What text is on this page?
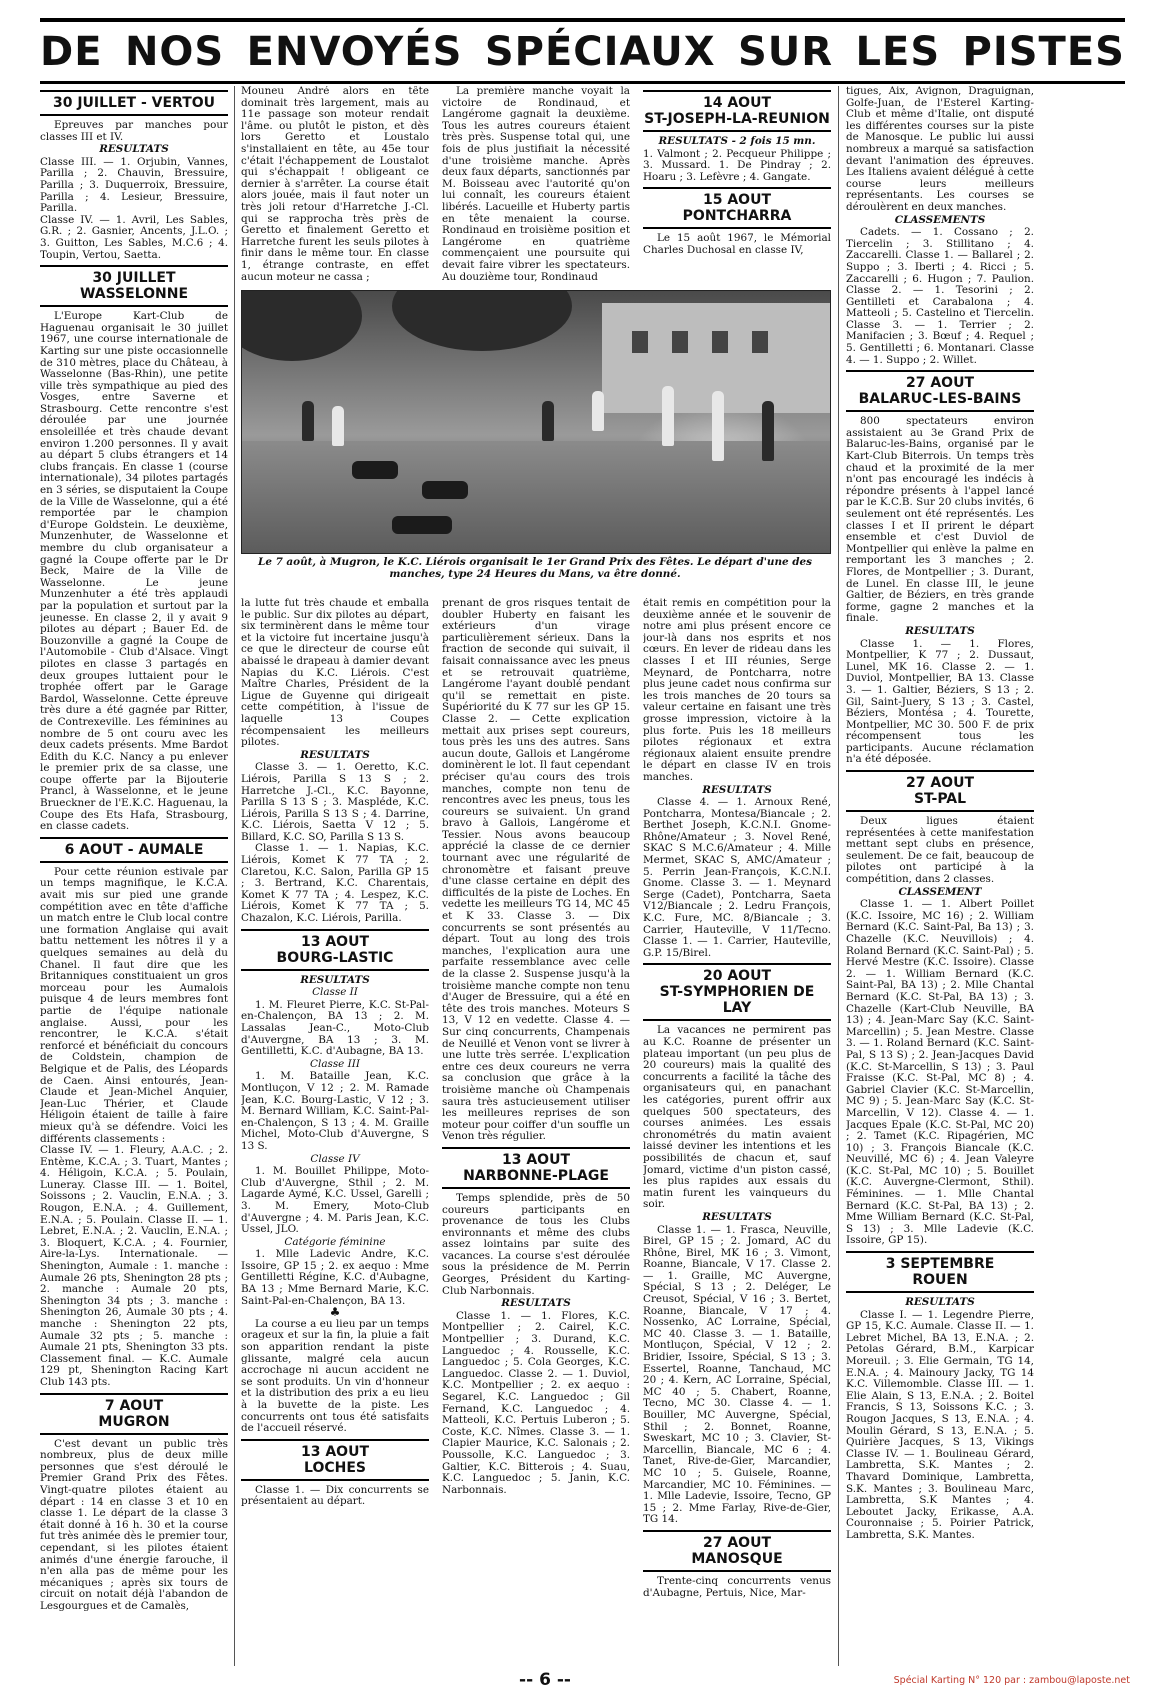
DE NOS ENVOYÉS SPÉCIAUX SUR LES PISTES
30 JUILLET - VERTOU

Epreuves par manches pour classes III et IV.

RESULTATS

Classe III. — 1. Orjubin, Vannes, Parilla ; 2. Chauvin, Bressuire, Parilla ; 3. Duquerroix, Bressuire, Parilla ; 4. Lesieur, Bressuire, Parilla.

Classe IV. — 1. Avril, Les Sables, G.R. ; 2. Gasnier, Ancents, J.L.O. ; 3. Guitton, Les Sables, M.C.6 ; 4. Toupin, Vertou, Saetta.

30 JUILLET
WASSELONNE

L'Europe Kart-Club de Haguenau organisait le 30 juillet 1967, une course internationale de Karting sur une piste occasionnelle de 310 mètres, place du Château, à Wasselonne (Bas-Rhin), une petite ville très sympathique au pied des Vosges, entre Saverne et Strasbourg. Cette rencontre s'est déroulée par une journée ensoleillée et très chaude devant environ 1.200 personnes. Il y avait au départ 5 clubs étrangers et 14 clubs français. En classe 1 (course internationale), 34 pilotes partagés en 3 séries, se disputaient la Coupe de la Ville de Wasselonne, qui a été remportée par le champion d'Europe Goldstein. Le deuxième, Munzenhuter, de Wasselonne et membre du club organisateur a gagné la Coupe offerte par le Dr Beck, Maire de la Ville de Wasselonne. Le jeune Munzenhuter a été très applaudi par la population et surtout par la jeunesse. En classe 2, il y avait 9 pilotes au départ ; Bauer Ed. de Bouzonville a gagné la Coupe de l'Automobile - Club d'Alsace. Vingt pilotes en classe 3 partagés en deux groupes luttaient pour le trophée offert par le Garage Bardol, Wasselonne. Cette épreuve très dure a été gagnée par Ritter, de Contrexeville. Les féminines au nombre de 5 ont couru avec les deux cadets présents. Mme Bardot Edith du K.C. Nancy a pu enlever le premier prix de sa classe, une coupe offerte par la Bijouterie Prancl, à Wasselonne, et le jeune Brueckner de l'E.K.C. Haguenau, la Coupe des Ets Hafa, Strasbourg, en classe cadets.

6 AOUT - AUMALE

Pour cette réunion estivale par un temps magnifique, le K.C.A. avait mis sur pied une grande compétition avec en tête d'affiche un match entre le Club local contre une formation Anglaise qui avait battu nettement les nôtres il y a quelques semaines au delà du Chanel. Il faut dire que les Britanniques constituaient un gros morceau pour les Aumalois puisque 4 de leurs membres font partie de l'équipe nationale anglaise. Aussi, pour les rencontrer, le K.C.A. s'était renforcé et bénéficiait du concours de Coldstein, champion de Belgique et de Palis, des Léopards de Caen. Ainsi entourés, Jean-Claude et Jean-Michel Anquier, Jean-Luc Thérier, et Claude Héligoin étaient de taille à faire mieux qu'à se défendre. Voici les différents classements :

Classe IV. — 1. Fleury, A.A.C. ; 2. Entème, K.C.A. ; 3. Tuart, Mantes ; 4. Héligoin, K.C.A. ; 5. Poulain, Luneray. Classe III. — 1. Boitel, Soissons ; 2. Vauclin, E.N.A. ; 3. Rougon, E.N.A. ; 4. Guillement, E.N.A. ; 5. Poulain. Classe II. — 1. Lebret, E.N.A. ; 2. Vauclin, E.N.A. ; 3. Bloquert, K.C.A. ; 4. Fournier, Aire-la-Lys. Internationale. — Shenington, Aumale : 1. manche : Aumale 26 pts, Shenington 28 pts ; 2. manche : Aumale 20 pts, Shenington 34 pts ; 3. manche : Shenington 26, Aumale 30 pts ; 4. manche : Shenington 22 pts, Aumale 32 pts ; 5. manche : Aumale 21 pts, Shenington 33 pts. Classement final. — K.C. Aumale 129 pt, Shenington Racing Kart Club 143 pts.

7 AOUT
MUGRON

C'est devant un public très nombreux, plus de deux mille personnes que s'est déroulé le Premier Grand Prix des Fêtes. Vingt-quatre pilotes étaient au départ : 14 en classe 3 et 10 en classe 1. Le départ de la classe 3 était donné à 16 h. 30 et la course fut très animée dès le premier tour, cependant, si les pilotes étaient animés d'une énergie farouche, il n'en alla pas de même pour les mécaniques ; après six tours de circuit on notait déjà l'abandon de Lesgourgues et de Camalès,

Mouneu André alors en tête dominait très largement, mais au 11e passage son moteur rendait l'âme. ou plutôt le piston, et dès lors Geretto et Loustalo s'installaient en tête, au 45e tour c'était l'échappement de Loustalot qui s'échappait ! obligeant ce dernier à s'arrêter. La course était alors jouée, mais il faut noter un très joli retour d'Harretche J.-Cl. qui se rapprocha très près de Geretto et finalement Geretto et Harretche furent les seuls pilotes à finir dans le même tour. En classe 1, étrange contraste, en effet aucun moteur ne cassa ;

La première manche voyait la victoire de Rondinaud, et Langérome gagnait la deuxième. Tous les autres coureurs étaient très près. Suspense total qui, une fois de plus justifiait la nécessité d'une troisième manche. Après deux faux départs, sanctionnés par M. Boisseau avec l'autorité qu'on lui connaît, les coureurs étaient libérés. Lacueille et Huberty partis en tête menaient la course. Rondinaud en troisième position et Langérome en quatrième commençaient une poursuite qui devait faire vibrer les spectateurs. Au douzième tour, Rondinaud

14 AOUT
ST-JOSEPH-LA-REUNION
RESULTATS - 2 fois 15 mn.

1. Valmont ; 2. Pecqueur Philippe ; 3. Mussard. 1. De Pindray ; 2. Hoaru ; 3. Lefèvre ; 4. Gangate.

15 AOUT
PONTCHARRA

Le 15 août 1967, le Mémorial Charles Duchosal en classe IV,

Le 7 août, à Mugron, le K.C. Liérois organisait le 1er Grand Prix des Fêtes. Le départ d'une des manches, type 24 Heures du Mans, va être donné.

la lutte fut très chaude et emballa le public. Sur dix pilotes au départ, six terminèrent dans le même tour et la victoire fut incertaine jusqu'à ce que le directeur de course eût abaissé le drapeau à damier devant Napias du K.C. Liérois. C'est Maître Charles, Président de la Ligue de Guyenne qui dirigeait cette compétition, à l'issue de laquelle 13 Coupes récompensaient les meilleurs pilotes.

RESULTATS

Classe 3. — 1. Oeretto, K.C. Liérois, Parilla S 13 S ; 2. Harretche J.-Cl., K.C. Bayonne, Parilla S 13 S ; 3. Maspléde, K.C. Liérois, Parilla S 13 S ; 4. Darrine, K.C. Liérois, Saetta V 12 ; 5. Billard, K.C. SO, Parilla S 13 S.

Classe 1. — 1. Napias, K.C. Liérois, Komet K 77 TA ; 2. Claretou, K.C. Salon, Parilla GP 15 ; 3. Bertrand, K.C. Charentais, Komet K 77 TA ; 4. Lespez, K.C. Liérois, Komet K 77 TA ; 5. Chazalon, K.C. Liérois, Parilla.

13 AOUT
BOURG-LASTIC
RESULTATS
Classe II

1. M. Fleuret Pierre, K.C. St-Pal-en-Chalençon, BA 13 ; 2. M. Lassalas Jean-C., Moto-Club d'Auvergne, BA 13 ; 3. M. Gentilletti, K.C. d'Aubagne, BA 13.

Classe III

1. M. Bataille Jean, K.C. Montluçon, V 12 ; 2. M. Ramade Jean, K.C. Bourg-Lastic, V 12 ; 3. M. Bernard William, K.C. Saint-Pal-en-Chalençon, S 13 ; 4. M. Graille Michel, Moto-Club d'Auvergne, S 13 S.

Classe IV

1. M. Bouillet Philippe, Moto-Club d'Auvergne, Sthil ; 2. M. Lagarde Aymé, K.C. Ussel, Garelli ; 3. M. Emery, Moto-Club d'Auvergne ; 4. M. Paris Jean, K.C. Ussel, JLO.

Catégorie féminine

1. Mlle Ladevic Andre, K.C. Issoire, GP 15 ; 2. ex aequo : Mme Gentilletti Régine, K.C. d'Aubagne, BA 13 ; Mme Bernard Marie, K.C. Saint-Pal-en-Chalençon, BA 13.

♣

La course a eu lieu par un temps orageux et sur la fin, la pluie a fait son apparition rendant la piste glissante, malgré cela aucun accrochage ni aucun accident ne se sont produits. Un vin d'honneur et la distribution des prix a eu lieu à la buvette de la piste. Les concurrents ont tous été satisfaits de l'accueil réservé.

13 AOUT
LOCHES

Classe 1. — Dix concurrents se présentaient au départ.

prenant de gros risques tentait de doubler Huberty en faisant les extérieurs d'un virage particulièrement sérieux. Dans la fraction de seconde qui suivait, il faisait connaissance avec les pneus et se retrouvait quatrième, Langérome l'ayant doublé pendant qu'il se remettait en piste. Supériorité du K 77 sur les GP 15. Classe 2. — Cette explication mettait aux prises sept coureurs, tous près les uns des autres. Sans aucun doute, Gallois et Langérome dominèrent le lot. Il faut cependant préciser qu'au cours des trois manches, compte non tenu de rencontres avec les pneus, tous les coureurs se suivaient. Un grand bravo à Gallois, Langérome et Tessier. Nous avons beaucoup apprécié la classe de ce dernier tournant avec une régularité de chronomètre et faisant preuve d'une classe certaine en dépit des difficultés de la piste de Loches. En vedette les meilleurs TG 14, MC 45 et K 33. Classe 3. — Dix concurrents se sont présentés au départ. Tout au long des trois manches, l'explication aura une parfaite ressemblance avec celle de la classe 2. Suspense jusqu'à la troisième manche compte non tenu d'Auger de Bressuire, qui a été en tête des trois manches. Moteurs S 13, V 12 en vedette. Classe 4. — Sur cinq concurrents, Champenais de Neuillé et Venon vont se livrer à une lutte très serrée. L'explication entre ces deux coureurs ne verra sa conclusion que grâce à la troisième manche où Champenais saura très astucieusement utiliser les meilleures reprises de son moteur pour coiffer d'un souffle un Venon très régulier.

13 AOUT
NARBONNE-PLAGE

Temps splendide, près de 50 coureurs participants en provenance de tous les Clubs environnants et même des clubs assez lointains par suite des vacances. La course s'est déroulée sous la présidence de M. Perrin Georges, Président du Karting-Club Narbonnais.

RESULTATS

Classe 1. — 1. Flores, K.C. Montpellier ; 2. Cairel, K.C. Montpellier ; 3. Durand, K.C. Languedoc ; 4. Rousselle, K.C. Languedoc ; 5. Cola Georges, K.C. Languedoc. Classe 2. — 1. Duviol, K.C. Montpellier ; 2. ex aequo : Segarel, K.C. Languedoc ; Gil Fernand, K.C. Languedoc ; 4. Matteoli, K.C. Pertuis Luberon ; 5. Coste, K.C. Nîmes. Classe 3. — 1. Clapier Maurice, K.C. Salonais ; 2. Poussolle, K.C. Languedoc ; 3. Galtier, K.C. Bitterois ; 4. Suau, K.C. Languedoc ; 5. Janin, K.C. Narbonnais.

était remis en compétition pour la deuxième année et le souvenir de notre ami plus présent encore ce jour-là dans nos esprits et nos cœurs. En lever de rideau dans les classes I et III réunies, Serge Meynard, de Pontcharra, notre plus jeune cadet nous confirma sur les trois manches de 20 tours sa valeur certaine en faisant une très grosse impression, victoire à la plus forte. Puis les 18 meilleurs pilotes régionaux et extra régionaux alaient ensuite prendre le départ en classe IV en trois manches.

RESULTATS

Classe 4. — 1. Arnoux René, Pontcharra, Montesa/Biancale ; 2. Berthet Joseph, K.C.N.I. Gnome-Rhône/Amateur ; 3. Novel René, SKAC S M.C.6/Amateur ; 4. Mille Mermet, SKAC S, AMC/Amateur ; 5. Perrin Jean-François, K.C.N.I. Gnome. Classe 3. — 1. Meynard Serge (Cadet), Pontcharra, Saeta V12/Biancale ; 2. Ledru François, K.C. Fure, MC. 8/Biancale ; 3. Carrier, Hauteville, V 11/Tecno. Classe 1. — 1. Carrier, Hauteville, G.P. 15/Birel.

20 AOUT
ST-SYMPHORIEN DE LAY

La vacances ne permirent pas au K.C. Roanne de présenter un plateau important (un peu plus de 20 coureurs) mais la qualité des concurrents a facilité la tâche des organisateurs qui, en panachant les catégories, purent offrir aux quelques 500 spectateurs, des courses animées. Les essais chronométrés du matin avaient laissé deviner les intentions et les possibilités de chacun et, sauf Jomard, victime d'un piston cassé, les plus rapides aux essais du matin furent les vainqueurs du soir.

RESULTATS

Classe 1. — 1. Frasca, Neuville, Birel, GP 15 ; 2. Jomard, AC du Rhône, Birel, MK 16 ; 3. Vimont, Roanne, Biancale, V 17. Classe 2. — 1. Graille, MC Auvergne, Spécial, S 13 ; 2. Deléger, Le Creusot, Spécial, V 16 ; 3. Bertet, Roanne, Biancale, V 17 ; 4. Nossenko, AC Lorraine, Spécial, MC 40. Classe 3. — 1. Bataille, Montluçon, Spécial, V 12 ; 2. Bridier, Issoire, Spécial, S 13 ; 3. Essertel, Roanne, Tanchaud, MC 20 ; 4. Kern, AC Lorraine, Spécial, MC 40 ; 5. Chabert, Roanne, Tecno, MC 30. Classe 4. — 1. Bouiller, MC Auvergne, Spécial, Sthil ; 2. Bonnet, Roanne, Sweskart, MC 10 ; 3. Clavier, St-Marcellin, Biancale, MC 6 ; 4. Tanet, Rive-de-Gier, Marcandier, MC 10 ; 5. Guisele, Roanne, Marcandier, MC 10. Féminines. — 1. Mlle Ladevie, Issoire, Tecno, GP 15 ; 2. Mme Farlay, Rive-de-Gier, TG 14.

27 AOUT
MANOSQUE

Trente-cinq concurrents venus d'Aubagne, Pertuis, Nice, Mar-

tigues, Aix, Avignon, Draguignan, Golfe-Juan, de l'Esterel Karting-Club et même d'Italie, ont disputé les différentes courses sur la piste de Manosque. Le public lui aussi nombreux a marqué sa satisfaction devant l'animation des épreuves. Les Italiens avaient délégué à cette course leurs meilleurs représentants. Les courses se déroulèrent en deux manches.

CLASSEMENTS

Cadets. — 1. Cossano ; 2. Tiercelin ; 3. Stillitano ; 4. Zaccarelli. Classe 1. — Ballarel ; 2. Suppo ; 3. Iberti ; 4. Ricci ; 5. Zaccarelli ; 6. Hugon ; 7. Paulion. Classe 2. — 1. Tesorini ; 2. Gentilleti et Carabalona ; 4. Matteoli ; 5. Castelino et Tiercelin. Classe 3. — 1. Terrier ; 2. Manifacien ; 3. Bœuf ; 4. Requel ; 5. Gentilletti ; 6. Montanari. Classe 4. — 1. Suppo ; 2. Willet.

27 AOUT
BALARUC-LES-BAINS

800 spectateurs environ assistaient au 3e Grand Prix de Balaruc-les-Bains, organisé par le Kart-Club Biterrois. Un temps très chaud et la proximité de la mer n'ont pas encouragé les indécis à répondre présents à l'appel lancé par le K.C.B. Sur 20 clubs invités, 6 seulement ont été représentés. Les classes I et II prirent le départ ensemble et c'est Duviol de Montpellier qui enlève la palme en remportant les 3 manches ; 2. Flores, de Montpellier ; 3. Durant, de Lunel. En classe III, le jeune Galtier, de Béziers, en très grande forme, gagne 2 manches et la finale.

RESULTATS

Classe 1. — 1. Flores, Montpellier, K 77 ; 2. Dussaut, Lunel, MK 16. Classe 2. — 1. Duviol, Montpellier, BA 13. Classe 3. — 1. Galtier, Béziers, S 13 ; 2. Gil, Saint-Juery, S 13 ; 3. Castel, Béziers, Montésa ; 4. Tourette, Montpellier, MC 30. 500 F. de prix récompensent tous les participants. Aucune réclamation n'a été déposée.

27 AOUT
ST-PAL

Deux ligues étaient représentées à cette manifestation mettant sept clubs en présence, seulement. De ce fait, beaucoup de pilotes ont participé à la compétition, dans 2 classes.

CLASSEMENT

Classe 1. — 1. Albert Poillet (K.C. Issoire, MC 16) ; 2. William Bernard (K.C. Saint-Pal, Ba 13) ; 3. Chazelle (K.C. Neuvillois) ; 4. Roland Bernard (K.C. Saint-Pal) ; 5. Hervé Mestre (K.C. Issoire). Classe 2. — 1. William Bernard (K.C. Saint-Pal, BA 13) ; 2. Mlle Chantal Bernard (K.C. St-Pal, BA 13) ; 3. Chazelle (Kart-Club Neuville, BA 13) ; 4. Jean-Marc Say (K.C. Saint-Marcellin) ; 5. Jean Mestre. Classe 3. — 1. Roland Bernard (K.C. Saint-Pal, S 13 S) ; 2. Jean-Jacques David (K.C. St-Marcellin, S 13) ; 3. Paul Fraisse (K.C. St-Pal, MC 8) ; 4. Gabriel Clavier (K.C. St-Marcellin, MC 9) ; 5. Jean-Marc Say (K.C. St-Marcellin, V 12). Classe 4. — 1. Jacques Epale (K.C. St-Pal, MC 20) ; 2. Tamet (K.C. Ripagérien, MC 10) ; 3. François Biancale (K.C. Neuvillé, MC 6) ; 4. Jean Valeyre (K.C. St-Pal, MC 10) ; 5. Bouillet (K.C. Auvergne-Clermont, Sthil). Féminines. — 1. Mlle Chantal Bernard (K.C. St-Pal, BA 13) ; 2. Mme William Bernard (K.C. St-Pal, S 13) ; 3. Mlle Ladevie (K.C. Issoire, GP 15).

3 SEPTEMBRE
ROUEN
RESULTATS

Classe I. — 1. Legendre Pierre, GP 15, K.C. Aumale. Classe II. — 1. Lebret Michel, BA 13, E.N.A. ; 2. Petolas Gérard, B.M., Karpicar Moreuil. ; 3. Elie Germain, TG 14, E.N.A. ; 4. Mainoury Jacky, TG 14 K.C. Villemomble. Classe III. — 1. Elie Alain, S 13, E.N.A. ; 2. Boitel Francis, S 13, Soissons K.C. ; 3. Rougon Jacques, S 13, E.N.A. ; 4. Moulin Gérard, S 13, E.N.A. ; 5. Quirière Jacques, S 13, Vikings Classe IV. — 1. Boulineau Gérard, Lambretta, S.K. Mantes ; 2. Thavard Dominique, Lambretta, S.K. Mantes ; 3. Boulineau Marc, Lambretta, S.K Mantes ; 4. Leboutet Jacky, Erikasse, A.A. Couronnaise ; 5. Poirier Patrick, Lambretta, S.K. Mantes.

-- 6 --	Spécial Karting N° 120 par : zambou@laposte.net
